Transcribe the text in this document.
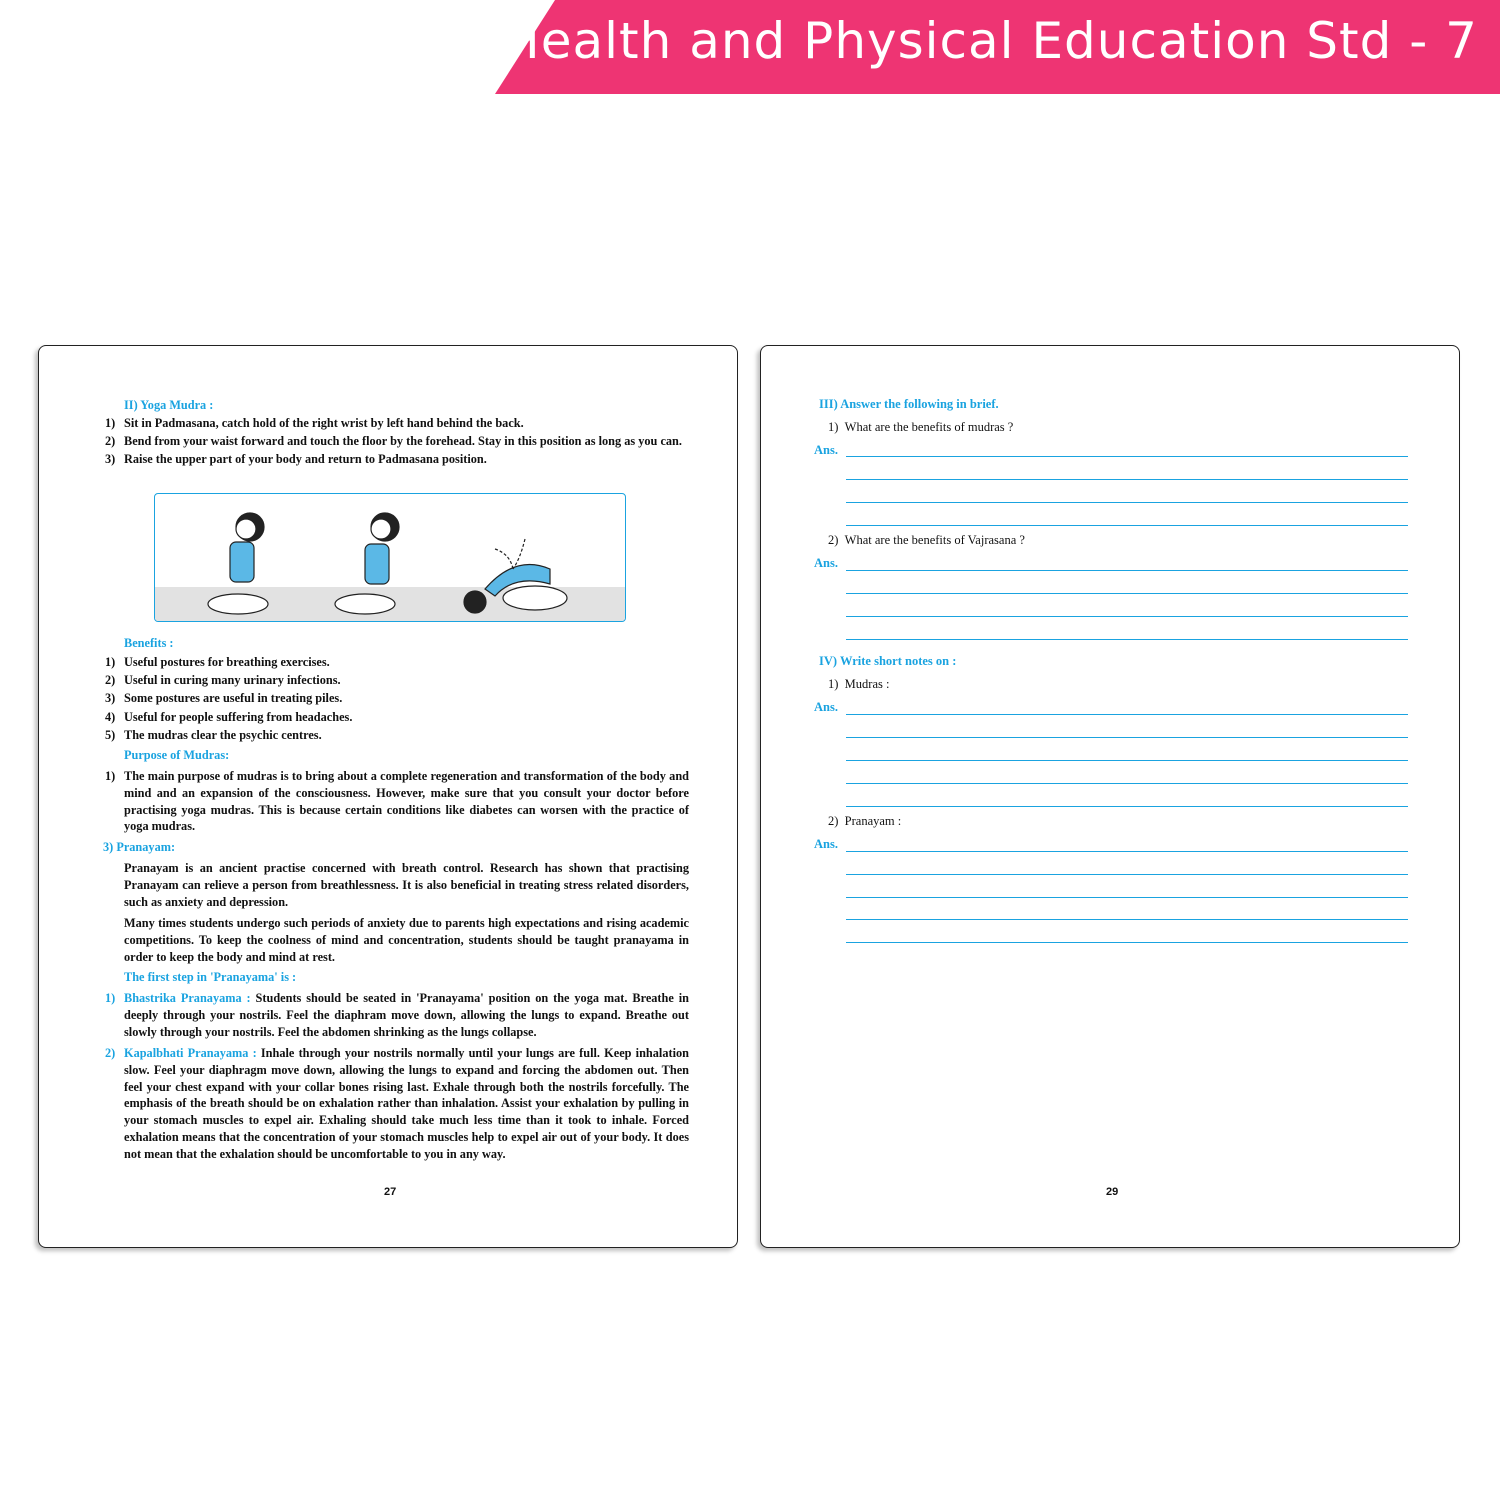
Health and Physical Education Std - 7
II) Yoga Mudra :
1) Sit in Padmasana, catch hold of the right wrist by left hand behind the back.
2) Bend from your waist forward and touch the floor by the forehead. Stay in this position as long as you can.
3) Raise the upper part of your body and return to Padmasana position.
Benefits :
1) Useful postures for breathing exercises.
2) Useful in curing many urinary infections.
3) Some postures are useful in treating piles.
4) Useful for people suffering from headaches.
5) The mudras clear the psychic centres.
Purpose of Mudras:
1) The main purpose of mudras is to bring about a complete regeneration and transformation of the body and mind and an expansion of the consciousness. However, make sure that you consult your doctor before practising yoga mudras. This is because certain conditions like diabetes can worsen with the practice of yoga mudras.
3) Pranayam:
Pranayam is an ancient practise concerned with breath control. Research has shown that practising Pranayam can relieve a person from breathlessness. It is also beneficial in treating stress related disorders, such as anxiety and depression.
Many times students undergo such periods of anxiety due to parents high expectations and rising academic competitions. To keep the coolness of mind and concentration, students should be taught pranayama in order to keep the body and mind at rest.
The first step in 'Pranayama' is :
1) Bhastrika Pranayama : Students should be seated in 'Pranayama' position on the yoga mat. Breathe in deeply through your nostrils. Feel the diaphram move down, allowing the lungs to expand. Breathe out slowly through your nostrils. Feel the abdomen shrinking as the lungs collapse.
2) Kapalbhati Pranayama : Inhale through your nostrils normally until your lungs are full. Keep inhalation slow. Feel your diaphragm move down, allowing the lungs to expand and forcing the abdomen out. Then feel your chest expand with your collar bones rising last. Exhale through both the nostrils forcefully. The emphasis of the breath should be on exhalation rather than inhalation. Assist your exhalation by pulling in your stomach muscles to expel air. Exhaling should take much less time than it took to inhale. Forced exhalation means that the concentration of your stomach muscles help to expel air out of your body. It does not mean that the exhalation should be uncomfortable to you in any way.
27
III) Answer the following in brief.
1) What are the benefits of mudras ?
Ans.
2) What are the benefits of Vajrasana ?
Ans.
IV) Write short notes on :
1) Mudras :
Ans.
2) Pranayam :
Ans.
29
